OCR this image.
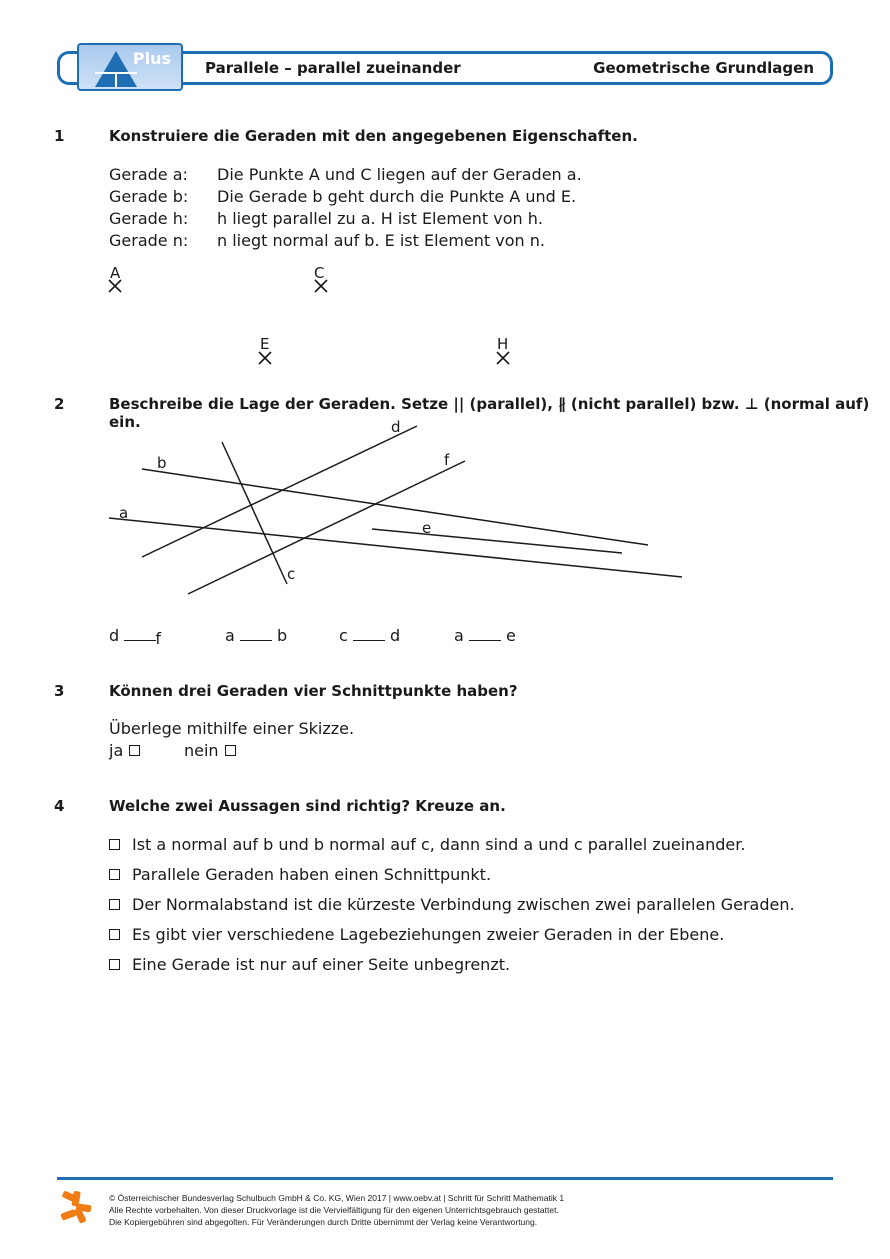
Plus Parallele – parallel zueinander	Geometrische Grundlagen
1	Konstruiere die Geraden mit den angegebenen Eigenschaften.
Gerade a: Die Punkte A und C liegen auf der Geraden a.
Gerade b: Die Gerade b geht durch die Punkte A und E.
Gerade h: h liegt parallel zu a. H ist Element von h.
Gerade n: n liegt normal auf b. E ist Element von n.
A	C
E	H
2	Beschreibe die Lage der Geraden. Setze || (parallel), ∦ (nicht parallel) bzw. ⊥ (normal auf) ein.	d
f
b
a
e
c
d f	a	b	c	d	a	e
3	Können drei Geraden vier Schnittpunkte haben?
Überlege mithilfe einer Skizze.
ja	nein
4	Welche zwei Aussagen sind richtig? Kreuze an.
Ist a normal auf b und b normal auf c, dann sind a und c parallel zueinander.
Parallele Geraden haben einen Schnittpunkt.
Der Normalabstand ist die kürzeste Verbindung zwischen zwei parallelen Geraden.
Es gibt vier verschiedene Lagebeziehungen zweier Geraden in der Ebene.
Eine Gerade ist nur auf einer Seite unbegrenzt.
© Österreichischer Bundesverlag Schulbuch GmbH & Co. KG, Wien 2017 | www.oebv.at | Schritt für Schritt Mathematik 1
Alle Rechte vorbehalten. Von dieser Druckvorlage ist die Vervielfältigung für den eigenen Unterrichtsgebrauch gestattet.
Die Kopiergebühren sind abgegolten. Für Veränderungen durch Dritte übernimmt der Verlag keine Verantwortung.
